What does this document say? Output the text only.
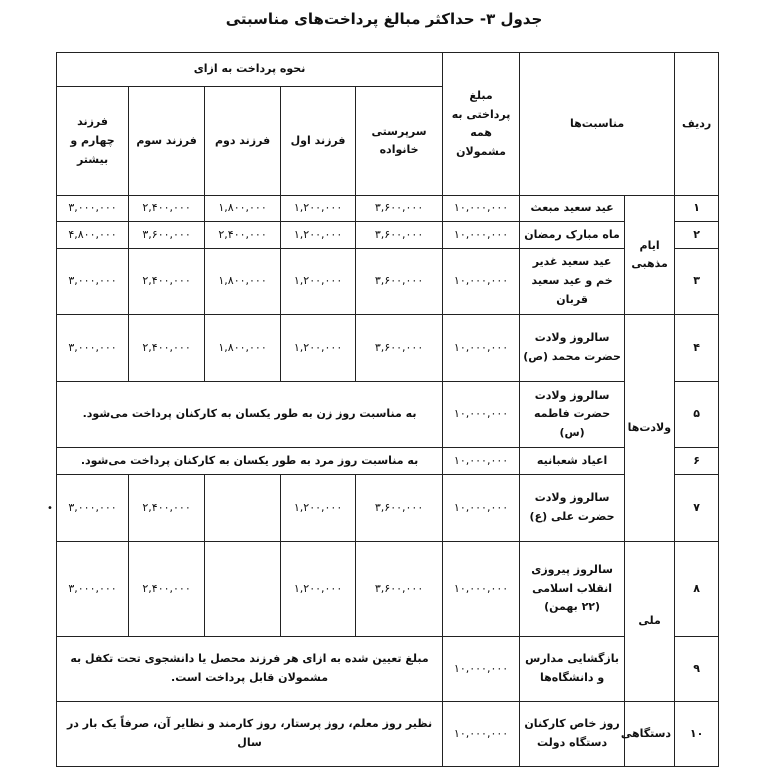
جدول ۳- حداکثر مبالغ پرداخت‌های مناسبتی
ردیف	مناسبت‌ها		مبلغ پرداختی به همه مشمولان	نحوه پرداخت به ازای				
				سرپرستی خانواده	فرزند اول	فرزند دوم	فرزند سوم	فرزند چهارم و بیشتر
۱	ایام مذهبی	عید سعید مبعث	۱۰,۰۰۰,۰۰۰	۳,۶۰۰,۰۰۰	۱,۲۰۰,۰۰۰	۱,۸۰۰,۰۰۰	۲,۴۰۰,۰۰۰	۳,۰۰۰,۰۰۰
۲		ماه مبارک رمضان	۱۰,۰۰۰,۰۰۰	۳,۶۰۰,۰۰۰	۱,۲۰۰,۰۰۰	۲,۴۰۰,۰۰۰	۳,۶۰۰,۰۰۰	۴,۸۰۰,۰۰۰
۳		عید سعید غدیر خم و عید سعید قربان	۱۰,۰۰۰,۰۰۰	۳,۶۰۰,۰۰۰	۱,۲۰۰,۰۰۰	۱,۸۰۰,۰۰۰	۲,۴۰۰,۰۰۰	۳,۰۰۰,۰۰۰
۴	ولادت‌ها	سالروز ولادت حضرت محمد (ص)	۱۰,۰۰۰,۰۰۰	۳,۶۰۰,۰۰۰	۱,۲۰۰,۰۰۰	۱,۸۰۰,۰۰۰	۲,۴۰۰,۰۰۰	۳,۰۰۰,۰۰۰
۵		سالروز ولادت حضرت فاطمه (س)	۱۰,۰۰۰,۰۰۰	به مناسبت روز زن به طور یکسان به کارکنان پرداخت می‌شود.				
۶		اعیاد شعبانیه	۱۰,۰۰۰,۰۰۰	به مناسبت روز مرد به طور یکسان به کارکنان پرداخت می‌شود.				
۷		سالروز ولادت حضرت علی (ع)	۱۰,۰۰۰,۰۰۰	۳,۶۰۰,۰۰۰	۱,۲۰۰,۰۰۰		۲,۴۰۰,۰۰۰	۳,۰۰۰,۰۰۰
۸	ملی	سالروز پیروزی انقلاب اسلامی (۲۲ بهمن)	۱۰,۰۰۰,۰۰۰	۳,۶۰۰,۰۰۰	۱,۲۰۰,۰۰۰		۲,۴۰۰,۰۰۰	۳,۰۰۰,۰۰۰
۹		بازگشایی مدارس و دانشگاه‌ها	۱۰,۰۰۰,۰۰۰	مبلغ تعیین شده به ازای هر فرزند محصل یا دانشجوی تحت تکفل به مشمولان قابل پرداخت است.				
۱۰	دستگاهی	روز خاص کارکنان دستگاه دولت	۱۰,۰۰۰,۰۰۰	نظیر روز معلم، روز پرستار، روز کارمند و نظایر آن، صرفاً یک بار در سال				
•
